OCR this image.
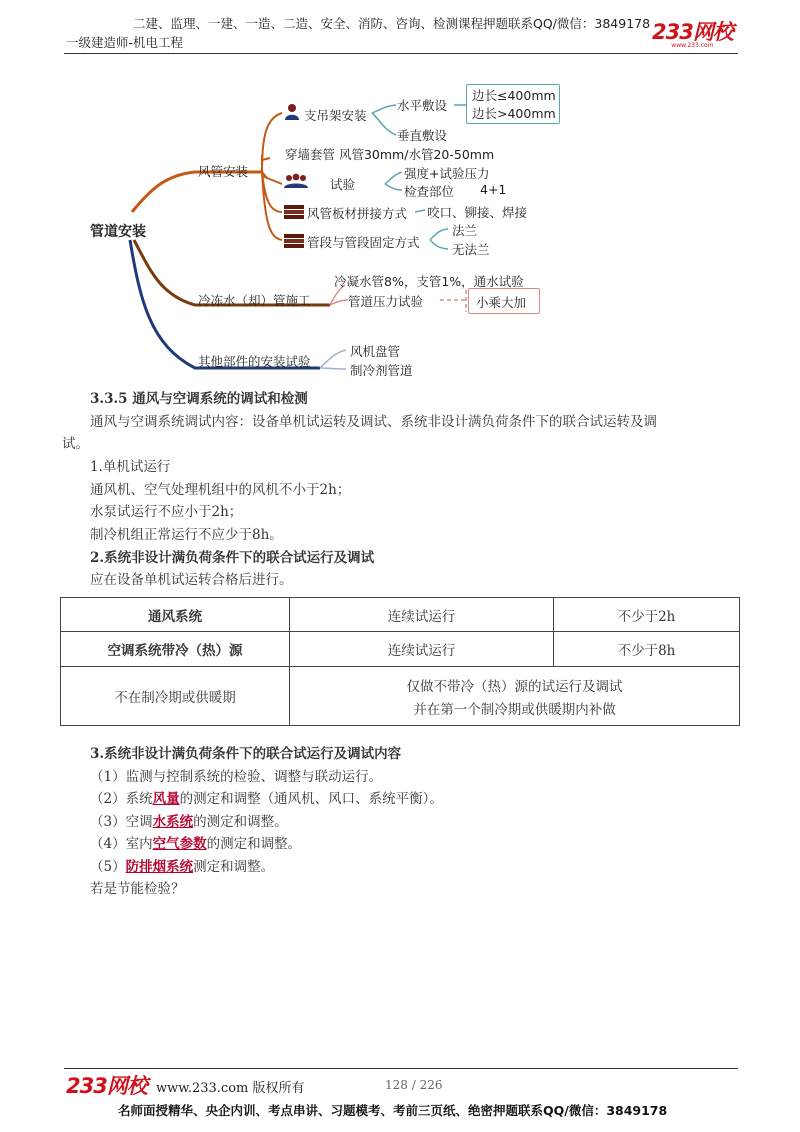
二建、监理、一建、一造、二造、安全、消防、咨询、检测课程押题联系QQ/微信：3849178
一级建造师-机电工程	233网校
www.233.com
管道安装
风管安装
支吊架安装
水平敷设
边长≤400mm
边长>400mm
垂直敷设
穿墙套管 风管30mm/水管20-50mm
试验
强度+试验压力
检查部位 4+1
风管板材拼接方式 咬口、铆接、焊接
管段与管段固定方式
法兰
无法兰
冷冻水（却）管施工
冷凝水管8%，支管1%，通水试验
管道压力试验	小乘大加
其他部件的安装试验
风机盘管
制冷剂管道
3.3.5 通风与空调系统的调试和检测
通风与空调系统调试内容：设备单机试运转及调试、系统非设计满负荷条件下的联合试运转及调
试。
1.单机试运行
通风机、空气处理机组中的风机不小于2h；
水泵试运行不应小于2h；
制冷机组正常运行不应少于8h。
2.系统非设计满负荷条件下的联合试运行及调试
应在设备单机试运转合格后进行。
通风系统	连续试运行	不少于2h
空调系统带冷（热）源	连续试运行	不少于8h
不在制冷期或供暖期	仅做不带冷（热）源的试运行及调试
并在第一个制冷期或供暖期内补做	
3.系统非设计满负荷条件下的联合试运行及调试内容
（1）监测与控制系统的检验、调整与联动运行。
（2）系统风量的测定和调整（通风机、风口、系统平衡）。
（3）空调水系统的测定和调整。
（4）室内空气参数的测定和调整。
（5）防排烟系统测定和调整。
若是节能检验？
233网校 www.233.com 版权所有	128 / 226
名师面授精华、央企内训、考点串讲、习题模考、考前三页纸、绝密押题联系QQ/微信：3849178
